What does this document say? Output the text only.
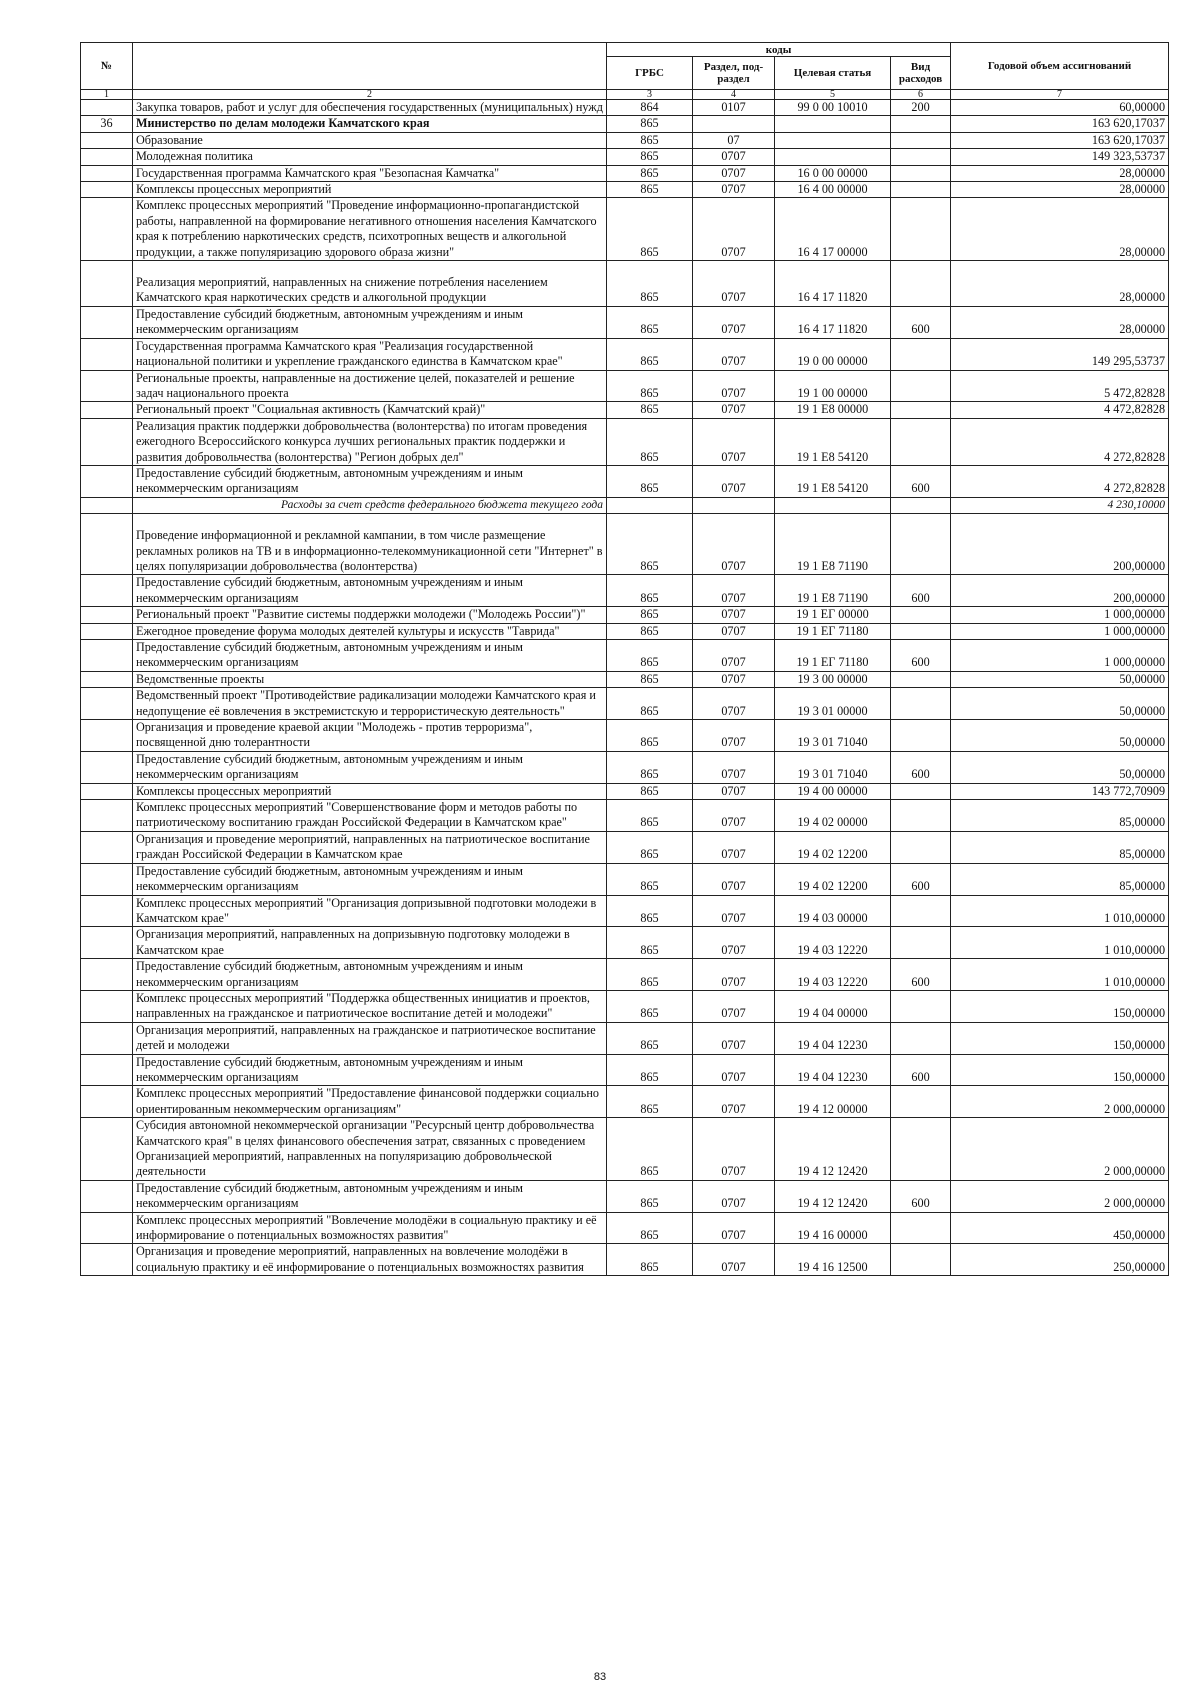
№		коды				Годовой объем ассигнований
		ГРБС	Раздел, под-раздел	Целевая статья	Вид расходов	
1	2	3	4	5	6	7
	Закупка товаров, работ и услуг для обеспечения государственных (муниципальных) нужд	864	0107	99 0 00 10010	200	60,00000
36	Министерство по делам молодежи Камчатского края	865				163 620,17037
	Образование	865	07			163 620,17037
	Молодежная политика	865	0707			149 323,53737
	Государственная программа Камчатского края "Безопасная Камчатка"	865	0707	16 0 00 00000		28,00000
	Комплексы процессных мероприятий	865	0707	16 4 00 00000		28,00000
	Комплекс процессных мероприятий "Проведение информационно-пропагандистской работы, направленной на формирование негативного отношения населения Камчатского края к потреблению наркотических средств, психотропных веществ и алкогольной продукции, а также популяризацию здорового образа жизни"	865	0707	16 4 17 00000		28,00000
	Реализация мероприятий, направленных на снижение потребления населением Камчатского края наркотических средств и алкогольной продукции	865	0707	16 4 17 11820		28,00000
	Предоставление субсидий бюджетным, автономным учреждениям и иным некоммерческим организациям	865	0707	16 4 17 11820	600	28,00000
	Государственная программа Камчатского края "Реализация государственной национальной политики и укрепление гражданского единства в Камчатском крае"	865	0707	19 0 00 00000		149 295,53737
	Региональные проекты, направленные на достижение целей, показателей и решение задач национального проекта	865	0707	19 1 00 00000		5 472,82828
	Региональный проект "Социальная активность (Камчатский край)"	865	0707	19 1 Е8 00000		4 472,82828
	Реализация практик поддержки добровольчества (волонтерства) по итогам проведения ежегодного Всероссийского конкурса лучших региональных практик поддержки и развития добровольчества (волонтерства) "Регион добрых дел"	865	0707	19 1 Е8 54120		4 272,82828
	Предоставление субсидий бюджетным, автономным учреждениям и иным некоммерческим организациям	865	0707	19 1 Е8 54120	600	4 272,82828
	Расходы за счет средств федерального бюджета текущего года					4 230,10000
	Проведение информационной и рекламной кампании, в том числе размещение рекламных роликов на ТВ и в информационно-телекоммуникационной сети "Интернет" в целях популяризации добровольчества (волонтерства)	865	0707	19 1 Е8 71190		200,00000
	Предоставление субсидий бюджетным, автономным учреждениям и иным некоммерческим организациям	865	0707	19 1 Е8 71190	600	200,00000
	Региональный проект "Развитие системы поддержки молодежи ("Молодежь России")"	865	0707	19 1 ЕГ 00000		1 000,00000
	Ежегодное проведение форума молодых деятелей культуры и искусств "Таврида"	865	0707	19 1 ЕГ 71180		1 000,00000
	Предоставление субсидий бюджетным, автономным учреждениям и иным некоммерческим организациям	865	0707	19 1 ЕГ 71180	600	1 000,00000
	Ведомственные проекты	865	0707	19 3 00 00000		50,00000
	Ведомственный проект "Противодействие радикализации молодежи Камчатского края и недопущение её вовлечения в экстремистскую и террористическую деятельность"	865	0707	19 3 01 00000		50,00000
	Организация и проведение краевой акции "Молодежь - против терроризма", посвященной дню толерантности	865	0707	19 3 01 71040		50,00000
	Предоставление субсидий бюджетным, автономным учреждениям и иным некоммерческим организациям	865	0707	19 3 01 71040	600	50,00000
	Комплексы процессных мероприятий	865	0707	19 4 00 00000		143 772,70909
	Комплекс процессных мероприятий "Совершенствование форм и методов работы по патриотическому воспитанию граждан Российской Федерации в Камчатском крае"	865	0707	19 4 02 00000		85,00000
	Организация и проведение мероприятий, направленных на патриотическое воспитание граждан Российской Федерации в Камчатском крае	865	0707	19 4 02 12200		85,00000
	Предоставление субсидий бюджетным, автономным учреждениям и иным некоммерческим организациям	865	0707	19 4 02 12200	600	85,00000
	Комплекс процессных мероприятий "Организация допризывной подготовки молодежи в Камчатском крае"	865	0707	19 4 03 00000		1 010,00000
	Организация мероприятий, направленных на допризывную подготовку молодежи в Камчатском крае	865	0707	19 4 03 12220		1 010,00000
	Предоставление субсидий бюджетным, автономным учреждениям и иным некоммерческим организациям	865	0707	19 4 03 12220	600	1 010,00000
	Комплекс процессных мероприятий "Поддержка общественных инициатив и проектов, направленных на гражданское и патриотическое воспитание детей и молодежи"	865	0707	19 4 04 00000		150,00000
	Организация мероприятий, направленных на гражданское и патриотическое воспитание детей и молодежи	865	0707	19 4 04 12230		150,00000
	Предоставление субсидий бюджетным, автономным учреждениям и иным некоммерческим организациям	865	0707	19 4 04 12230	600	150,00000
	Комплекс процессных мероприятий "Предоставление финансовой поддержки социально ориентированным некоммерческим организациям"	865	0707	19 4 12 00000		2 000,00000
	Субсидия автономной некоммерческой организации "Ресурсный центр добровольчества Камчатского края" в целях финансового обеспечения затрат, связанных с проведением Организацией мероприятий, направленных на популяризацию добровольческой деятельности	865	0707	19 4 12 12420		2 000,00000
	Предоставление субсидий бюджетным, автономным учреждениям и иным некоммерческим организациям	865	0707	19 4 12 12420	600	2 000,00000
	Комплекс процессных мероприятий "Вовлечение молодёжи в социальную практику и её информирование о потенциальных возможностях развития"	865	0707	19 4 16 00000		450,00000
	Организация и проведение мероприятий, направленных на вовлечение молодёжи в социальную практику и её информирование о потенциальных возможностях развития	865	0707	19 4 16 12500		250,00000
83
